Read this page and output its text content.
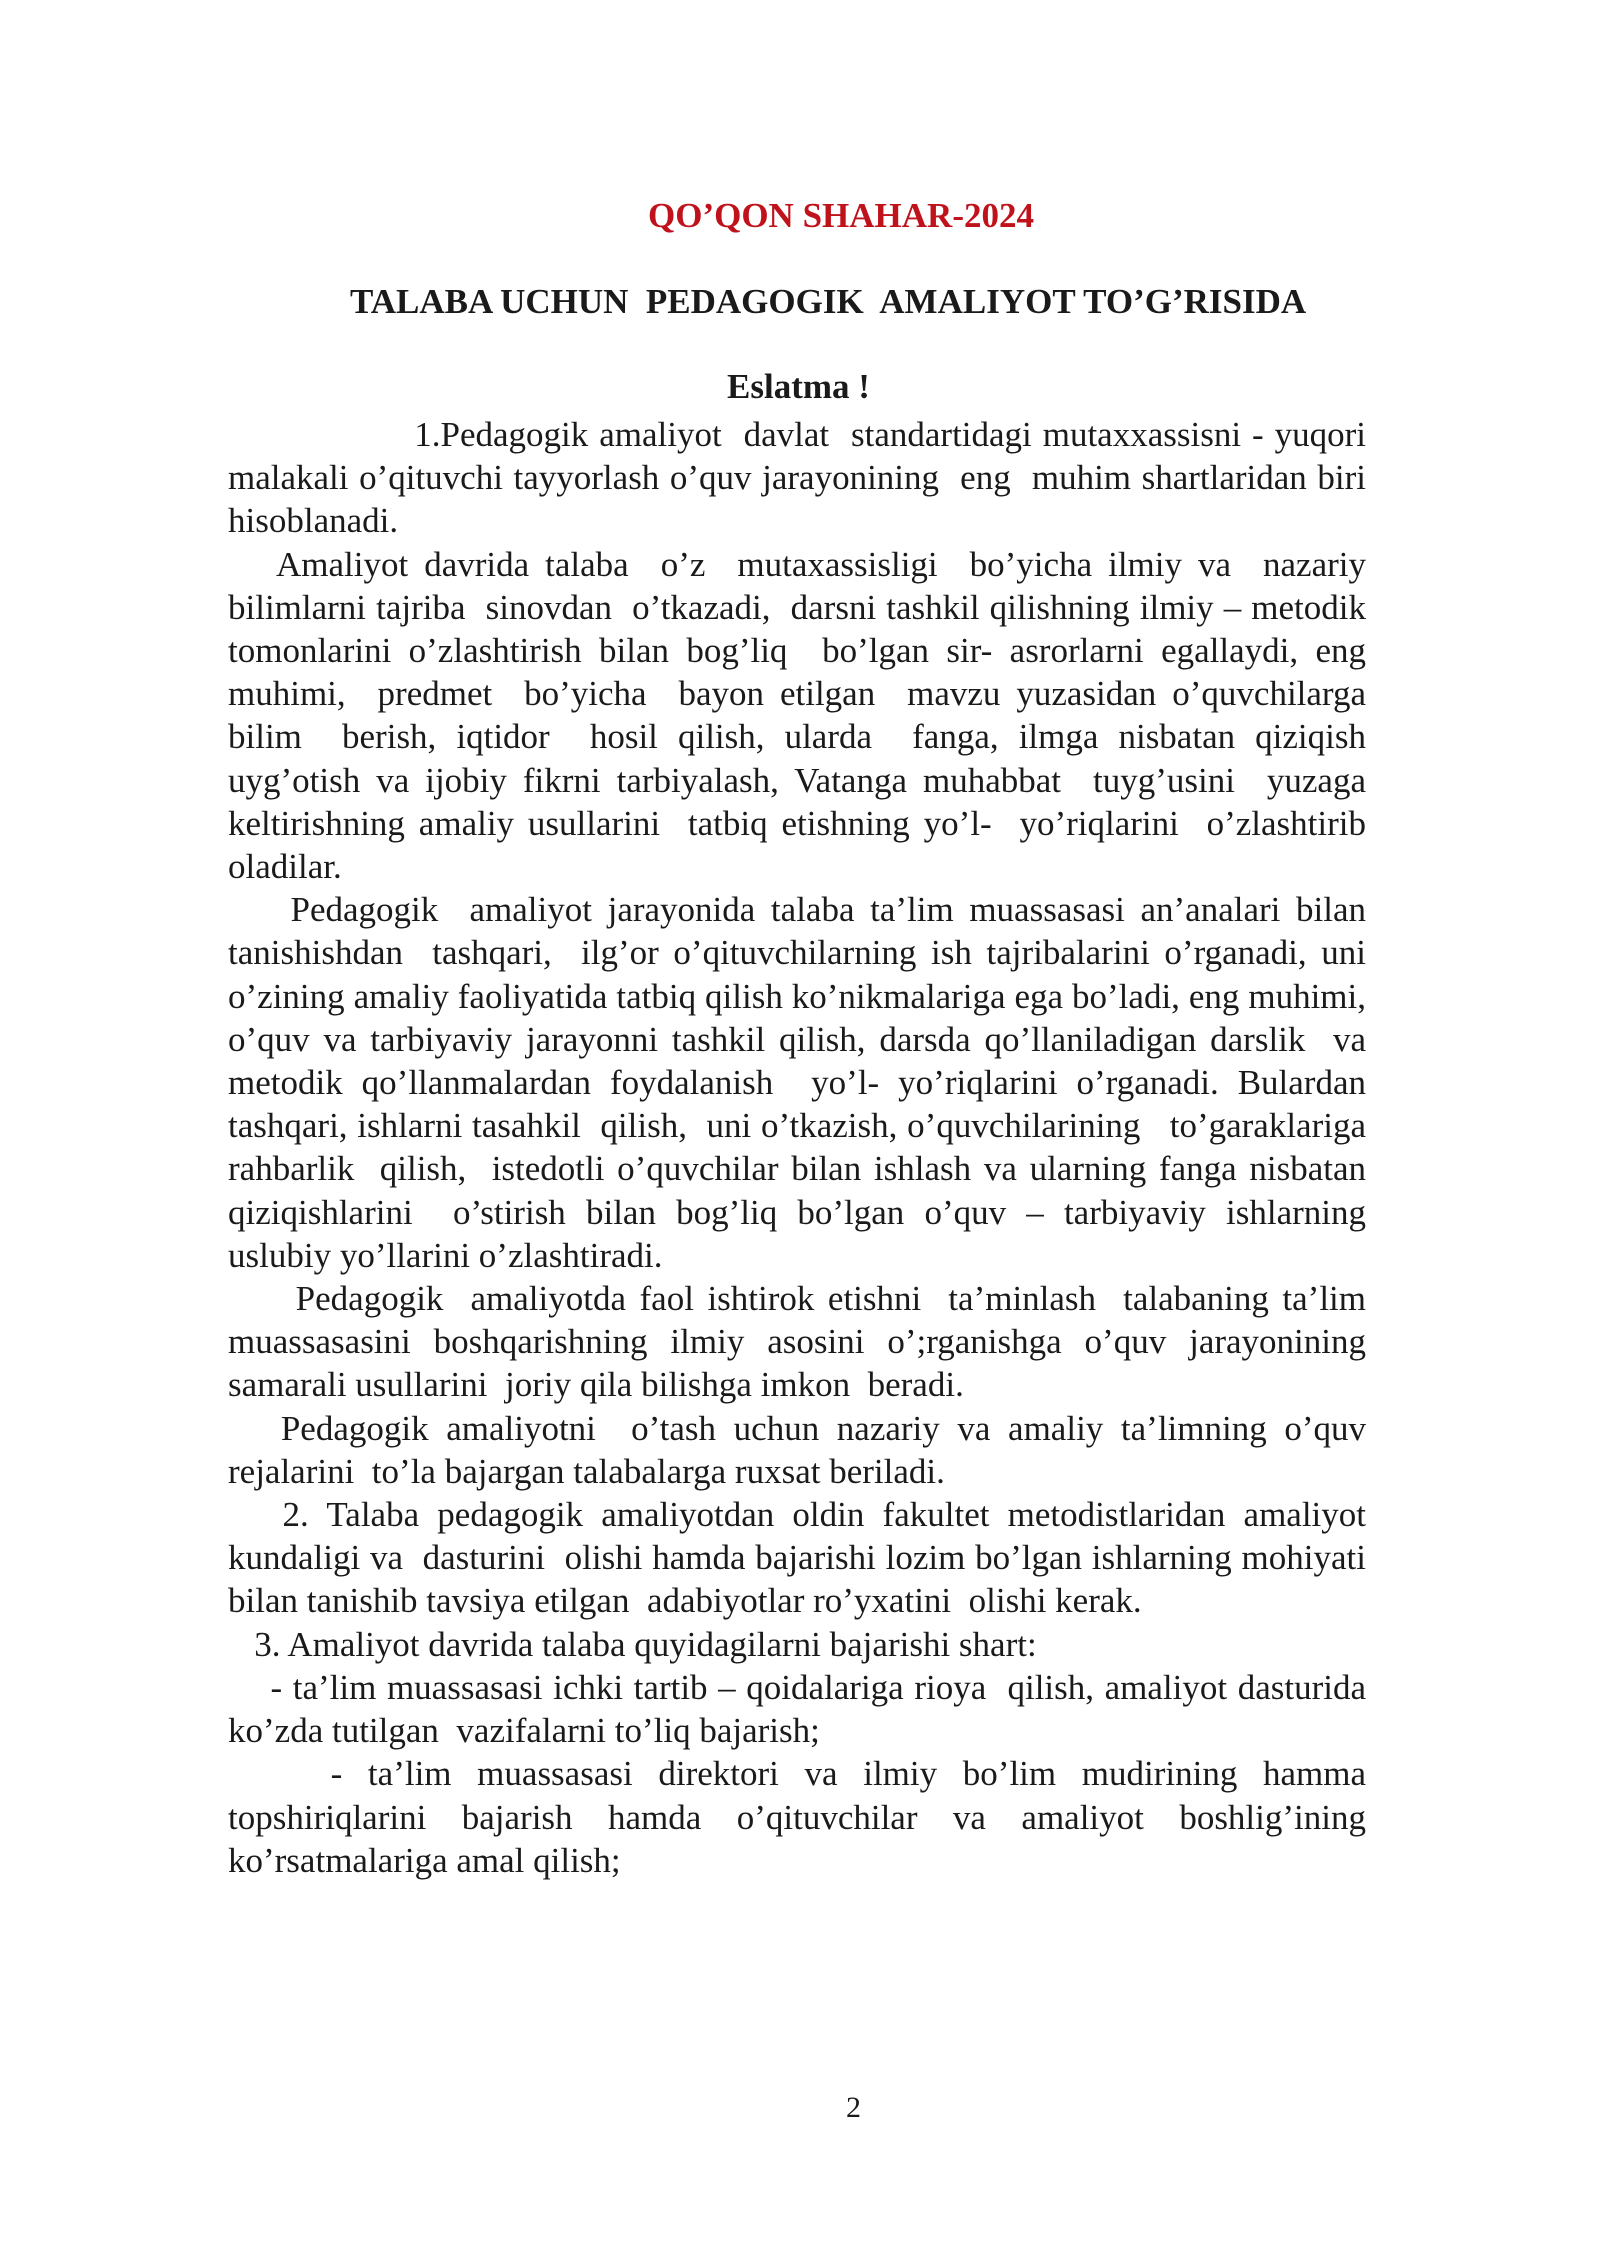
QO’QON SHAHAR-2024
TALABA UCHUN  PEDAGOGIK  AMALIYOT TO’G’RISIDA
Eslatma !

1.Pedagogik amaliyot  davlat  standartidagi mutaxxassisni - yuqori malakali o’qituvchi tayyorlash o’quv jarayonining  eng  muhim shartlaridan biri hisoblanadi.

Amaliyot davrida talaba  o’z  mutaxassisligi  bo’yicha ilmiy va  nazariy bilimlarni tajriba  sinovdan  o’tkazadi,  darsni tashkil qilishning ilmiy – metodik tomonlarini o’zlashtirish bilan bog’liq  bo’lgan sir- asrorlarni egallaydi, eng  muhimi,  predmet  bo’yicha  bayon etilgan  mavzu yuzasidan o’quvchilarga  bilim  berish, iqtidor  hosil qilish, ularda  fanga, ilmga nisbatan qiziqish uyg’otish va ijobiy fikrni tarbiyalash, Vatanga muhabbat  tuyg’usini  yuzaga  keltirishning amaliy usullarini  tatbiq etishning yo’l-  yo’riqlarini  o’zlashtirib  oladilar.

Pedagogik  amaliyot jarayonida talaba ta’lim muassasasi an’analari bilan tanishishdan  tashqari,  ilg’or o’qituvchilarning ish tajribalarini o’rganadi, uni  o’zining amaliy faoliyatida tatbiq qilish ko’nikmalariga ega bo’ladi, eng muhimi, o’quv va tarbiyaviy jarayonni tashkil qilish, darsda qo’llaniladigan darslik  va  metodik qo’llanmalardan foydalanish  yo’l- yo’riqlarini o’rganadi. Bulardan tashqari, ishlarni tasahkil  qilish,  uni o’tkazish, o’quvchilarining   to’garaklariga rahbarlik  qilish,  istedotli o’quvchilar bilan ishlash va ularning fanga nisbatan qiziqishlarini  o’stirish bilan bog’liq bo’lgan o’quv – tarbiyaviy ishlarning uslubiy yo’llarini o’zlashtiradi.

Pedagogik  amaliyotda faol ishtirok etishni  ta’minlash  talabaning ta’lim  muassasasini boshqarishning ilmiy asosini o’;rganishga o’quv jarayonining samarali usullarini  joriy qila bilishga imkon  beradi.

Pedagogik amaliyotni  o’tash uchun nazariy va amaliy ta’limning o’quv rejalarini  to’la bajargan talabalarga ruxsat beriladi.

2. Talaba pedagogik amaliyotdan oldin fakultet metodistlaridan amaliyot kundaligi va  dasturini  olishi hamda bajarishi lozim bo’lgan ishlarning mohiyati  bilan tanishib tavsiya etilgan  adabiyotlar ro’yxatini  olishi kerak.

3. Amaliyot davrida talaba quyidagilarni bajarishi shart:

- ta’lim muassasasi ichki tartib – qoidalariga rioya  qilish, amaliyot dasturida ko’zda tutilgan  vazifalarni to’liq bajarish;

- ta’lim muassasasi direktori va ilmiy bo’lim mudirining hamma topshiriqlarini bajarish hamda o’qituvchilar va amaliyot boshlig’ining ko’rsatmalariga amal qilish;

2
